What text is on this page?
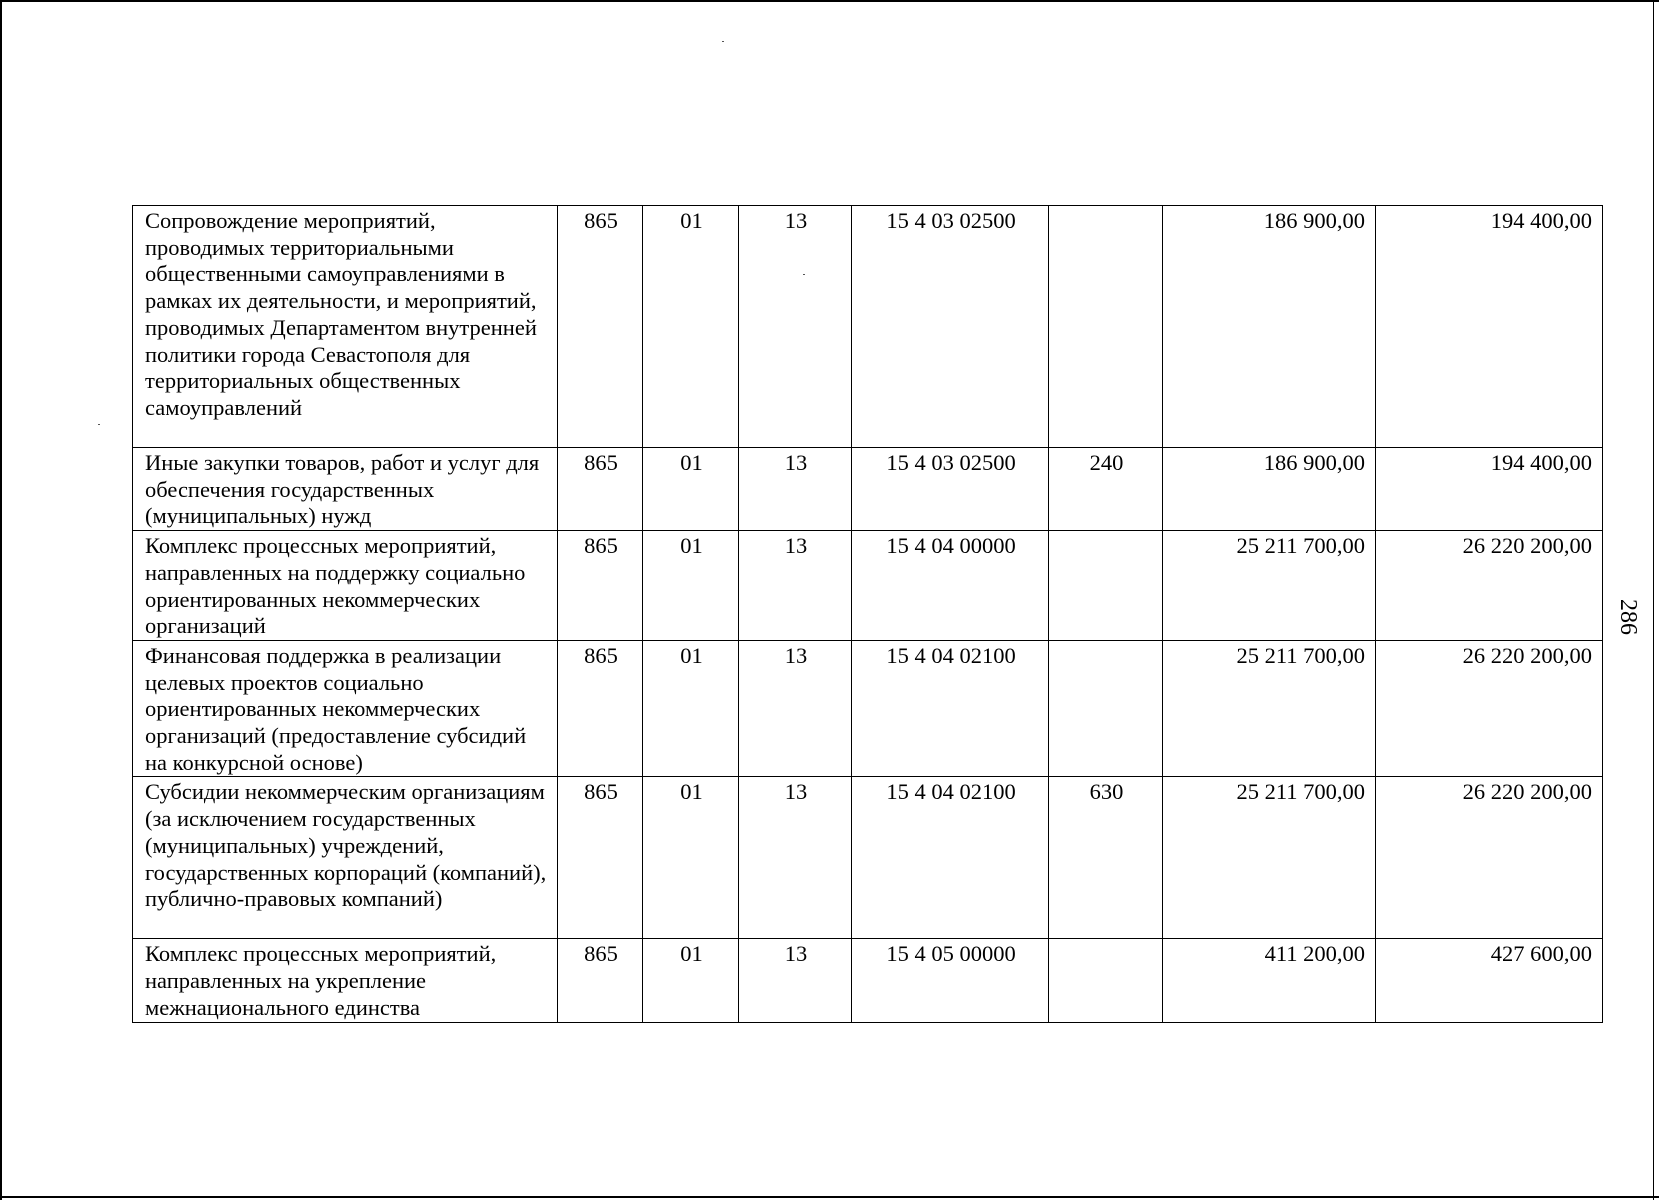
Сопровождение мероприятий, проводимых территориальными общественными самоуправлениями в рамках их деятельности, и мероприятий, проводимых Департаментом внутренней политики города Севастополя для территориальных общественных самоуправлений	865	01	13	15 4 03 02500		186 900,00	194 400,00
Иные закупки товаров, работ и услуг для обеспечения государственных (муниципальных) нужд	865	01	13	15 4 03 02500	240	186 900,00	194 400,00
Комплекс процессных мероприятий, направленных на поддержку социально ориентированных некоммерческих организаций	865	01	13	15 4 04 00000		25 211 700,00	26 220 200,00
Финансовая поддержка в реализации целевых проектов социально ориентированных некоммерческих организаций (предоставление субсидий на конкурсной основе)	865	01	13	15 4 04 02100		25 211 700,00	26 220 200,00
Субсидии некоммерческим организациям (за исключением государственных (муниципальных) учреждений, государственных корпораций (компаний), публично-правовых компаний)	865	01	13	15 4 04 02100	630	25 211 700,00	26 220 200,00
Комплекс процессных мероприятий, направленных на укрепление межнационального единства	865	01	13	15 4 05 00000		411 200,00	427 600,00
286
